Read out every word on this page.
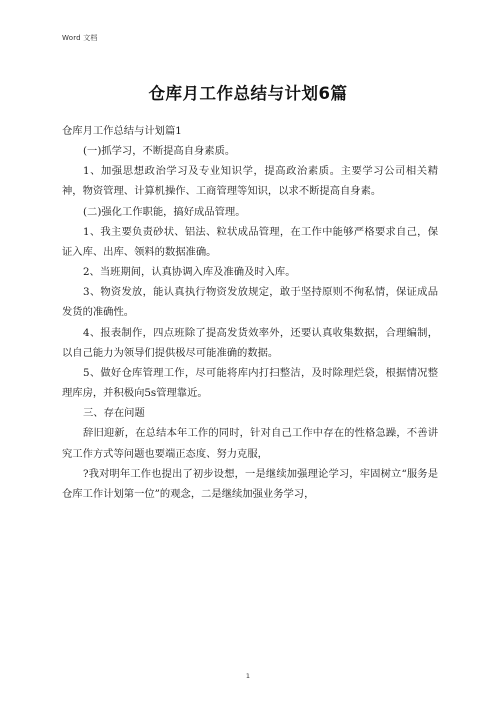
Word 文档
仓库月工作总结与计划6篇

仓库月工作总结与计划篇1

(一)抓学习，不断提高自身素质。

1、加强思想政治学习及专业知识学，提高政治素质。主要学习公司相关精神，物资管理、计算机操作、工商管理等知识，以求不断提高自身素。

(二)强化工作职能，搞好成品管理。

1、我主要负责砂状、铝法、粒状成品管理，在工作中能够严格要求自己，保证入库、出库、领料的数据准确。

2、当班期间，认真协调入库及准确及时入库。

3、物资发放，能认真执行物资发放规定，敢于坚持原则不徇私情，保证成品发货的准确性。

4、报表制作，四点班除了提高发货效率外，还要认真收集数据，合理编制，以自己能力为领导们提供极尽可能准确的数据。

5、做好仓库管理工作，尽可能将库内打扫整洁，及时除理烂袋，根据情况整理库房，并积极向5s管理靠近。

三、存在问题

辞旧迎新，在总结本年工作的同时，针对自己工作中存在的性格急躁，不善讲究工作方式等问题也要端正态度、努力克服，

?我对明年工作也提出了初步设想，一是继续加强理论学习，牢固树立“服务是仓库工作计划第一位”的观念，二是继续加强业务学习，

1
